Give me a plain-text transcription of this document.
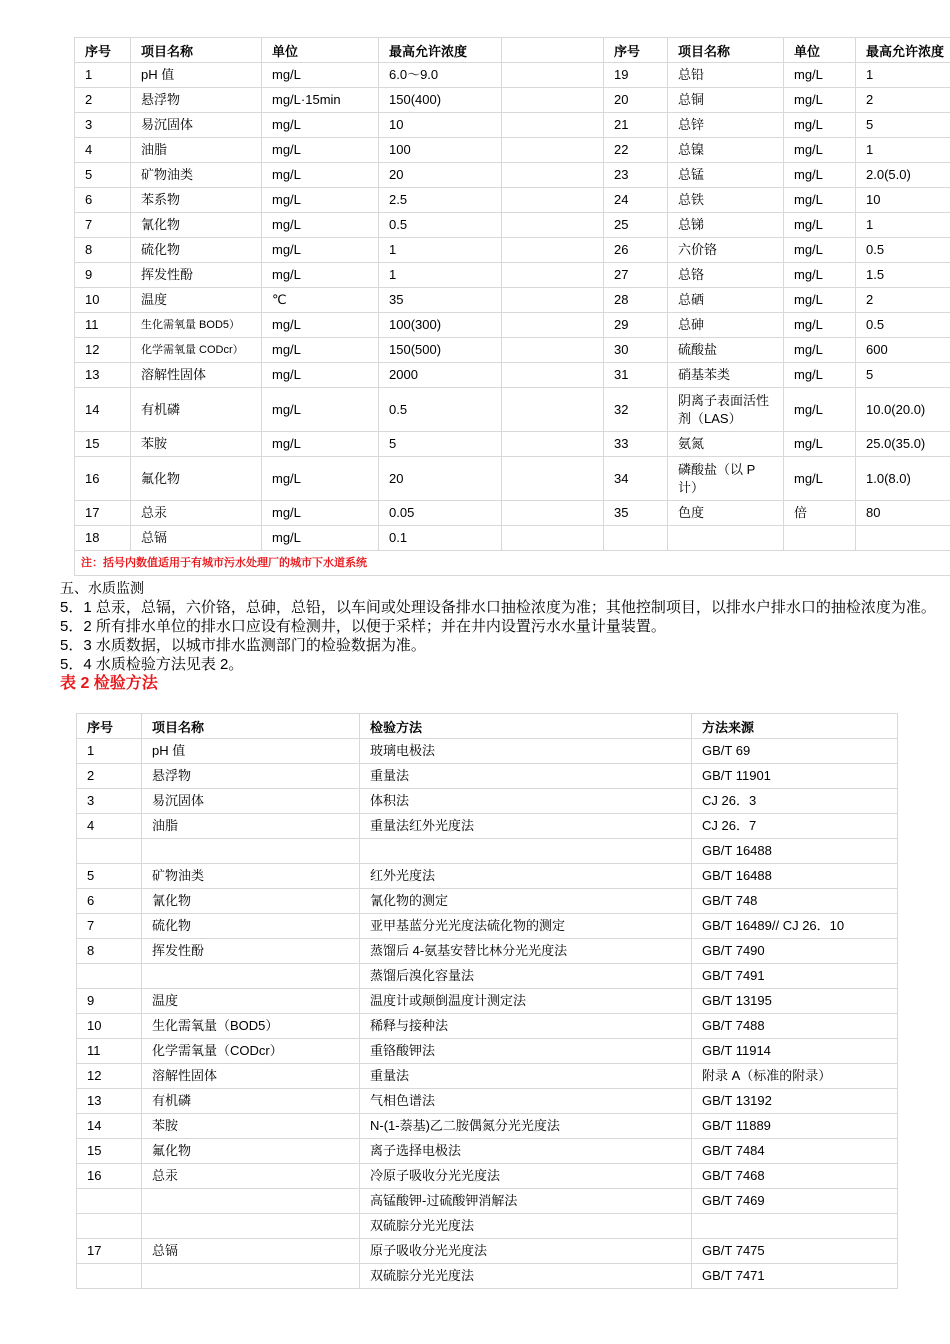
序号	项目名称	单位	最高允许浓度		序号	项目名称	单位	最高允许浓度
1	pH 值	mg/L	6.0～9.0		19	总铅	mg/L	1
2	悬浮物	mg/L·15min	150(400)		20	总铜	mg/L	2
3	易沉固体	mg/L	10		21	总锌	mg/L	5
4	油脂	mg/L	100		22	总镍	mg/L	1
5	矿物油类	mg/L	20		23	总锰	mg/L	2.0(5.0)
6	苯系物	mg/L	2.5		24	总铁	mg/L	10
7	氰化物	mg/L	0.5		25	总锑	mg/L	1
8	硫化物	mg/L	1		26	六价铬	mg/L	0.5
9	挥发性酚	mg/L	1		27	总铬	mg/L	1.5
10	温度	℃	35		28	总硒	mg/L	2
11	生化需氧量 BOD5）	mg/L	100(300)		29	总砷	mg/L	0.5
12	化学需氧量 CODcr）	mg/L	150(500)		30	硫酸盐	mg/L	600
13	溶解性固体	mg/L	2000		31	硝基苯类	mg/L	5
14	有机磷	mg/L	0.5		32	阴离子表面活性剂（LAS）	mg/L	10.0(20.0)
15	苯胺	mg/L	5		33	氨氮	mg/L	25.0(35.0)
16	氟化物	mg/L	20		34	磷酸盐（以 P 计）	mg/L	1.0(8.0)
17	总汞	mg/L	0.05		35	色度	倍	80
18	总镉	mg/L	0.1					
注：括号内数值适用于有城市污水处理厂的城市下水道系统								
五、水质监测
5．1 总汞，总镉，六价铬，总砷，总铅，以车间或处理设备排水口抽检浓度为准；其他控制项目，以排水户排水口的抽检浓度为准。
5．2 所有排水单位的排水口应设有检测井，以便于采样；并在井内设置污水水量计量装置。
5．3 水质数据，以城市排水监测部门的检验数据为准。
5．4 水质检验方法见表 2。
表 2 检验方法
序号	项目名称	检验方法	方法来源
1	pH 值	玻璃电极法	GB/T 69
2	悬浮物	重量法	GB/T 11901
3	易沉固体	体积法	CJ 26．3
4	油脂	重量法红外光度法	CJ 26．7
			GB/T 16488
5	矿物油类	红外光度法	GB/T 16488
6	氰化物	氰化物的测定	GB/T 748
7	硫化物	亚甲基蓝分光光度法硫化物的测定	GB/T 16489// CJ 26．10
8	挥发性酚	蒸馏后 4-氨基安替比林分光光度法	GB/T 7490
		蒸馏后溴化容量法	GB/T 7491
9	温度	温度计或颠倒温度计测定法	GB/T 13195
10	生化需氧量（BOD5）	稀释与接种法	GB/T 7488
11	化学需氧量（CODcr）	重铬酸钾法	GB/T 11914
12	溶解性固体	重量法	附录 A（标准的附录）
13	有机磷	气相色谱法	GB/T 13192
14	苯胺	N-(1-萘基)乙二胺偶氮分光光度法	GB/T 11889
15	氟化物	离子选择电极法	GB/T 7484
16	总汞	冷原子吸收分光光度法	GB/T 7468
		高锰酸钾-过硫酸钾消解法	GB/T 7469
		双硫腙分光光度法	
17	总镉	原子吸收分光光度法	GB/T 7475
		双硫腙分光光度法	GB/T 7471
